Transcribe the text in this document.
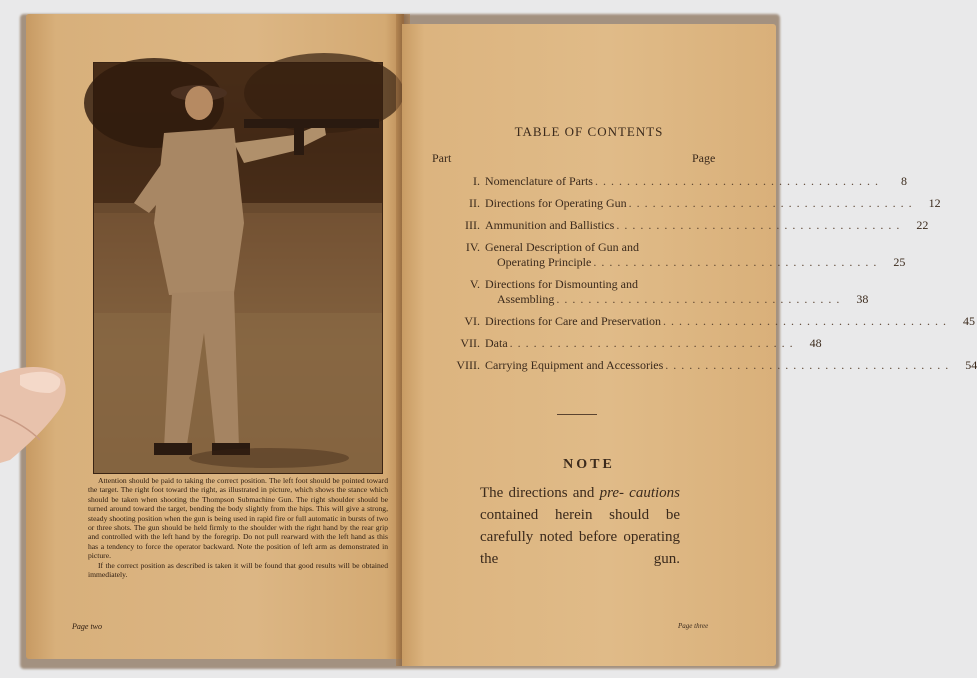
Attention should be paid to taking the correct position. The left foot should be pointed toward the target. The right foot toward the right, as illustrated in picture, which shows the stance which should be taken when shooting the Thompson Submachine Gun. The right shoulder should be turned around toward the target, bending the body slightly from the hips. This will give a strong, steady shooting position when the gun is being used in rapid fire or full automatic in bursts of two or three shots. The gun should be held firmly to the shoulder with the right hand by the rear grip and controlled with the left hand by the foregrip. Do not pull rearward with the left hand as this has a tendency to force the operator backward. Note the position of left arm as demonstrated in picture.

If the correct position as described is taken it will be found that good results will be obtained immediately.

Page two
TABLE OF CONTENTS
Part	Page
I. Nomenclature of Parts . . . . . . . . . . . . . . . . . . . . . . . . . . . . . . . . . . . .	8
II. Directions for Operating Gun . . . . . . . . . . . . . . . . . . . . . . . . . . . . . . . . . . . .	12
III. Ammunition and Ballistics . . . . . . . . . . . . . . . . . . . . . . . . . . . . . . . . . . . .	22
IV. General Description of Gun and
Operating Principle . . . . . . . . . . . . . . . . . . . . . . . . . . . . . . . . . . . .	25
V. Directions for Dismounting and
Assembling . . . . . . . . . . . . . . . . . . . . . . . . . . . . . . . . . . . .	38
VI. Directions for Care and Preservation . . . . . . . . . . . . . . . . . . . . . . . . . . . . . . . . . . . .	45
VII. Data . . . . . . . . . . . . . . . . . . . . . . . . . . . . . . . . . . . .	48
VIII. Carrying Equipment and Accessories . . . . . . . . . . . . . . . . . . . . . . . . . . . . . . . . . . . .	54
NOTE
The directions and pre- cautions contained herein should be carefully noted before operating the gun.
Page three
